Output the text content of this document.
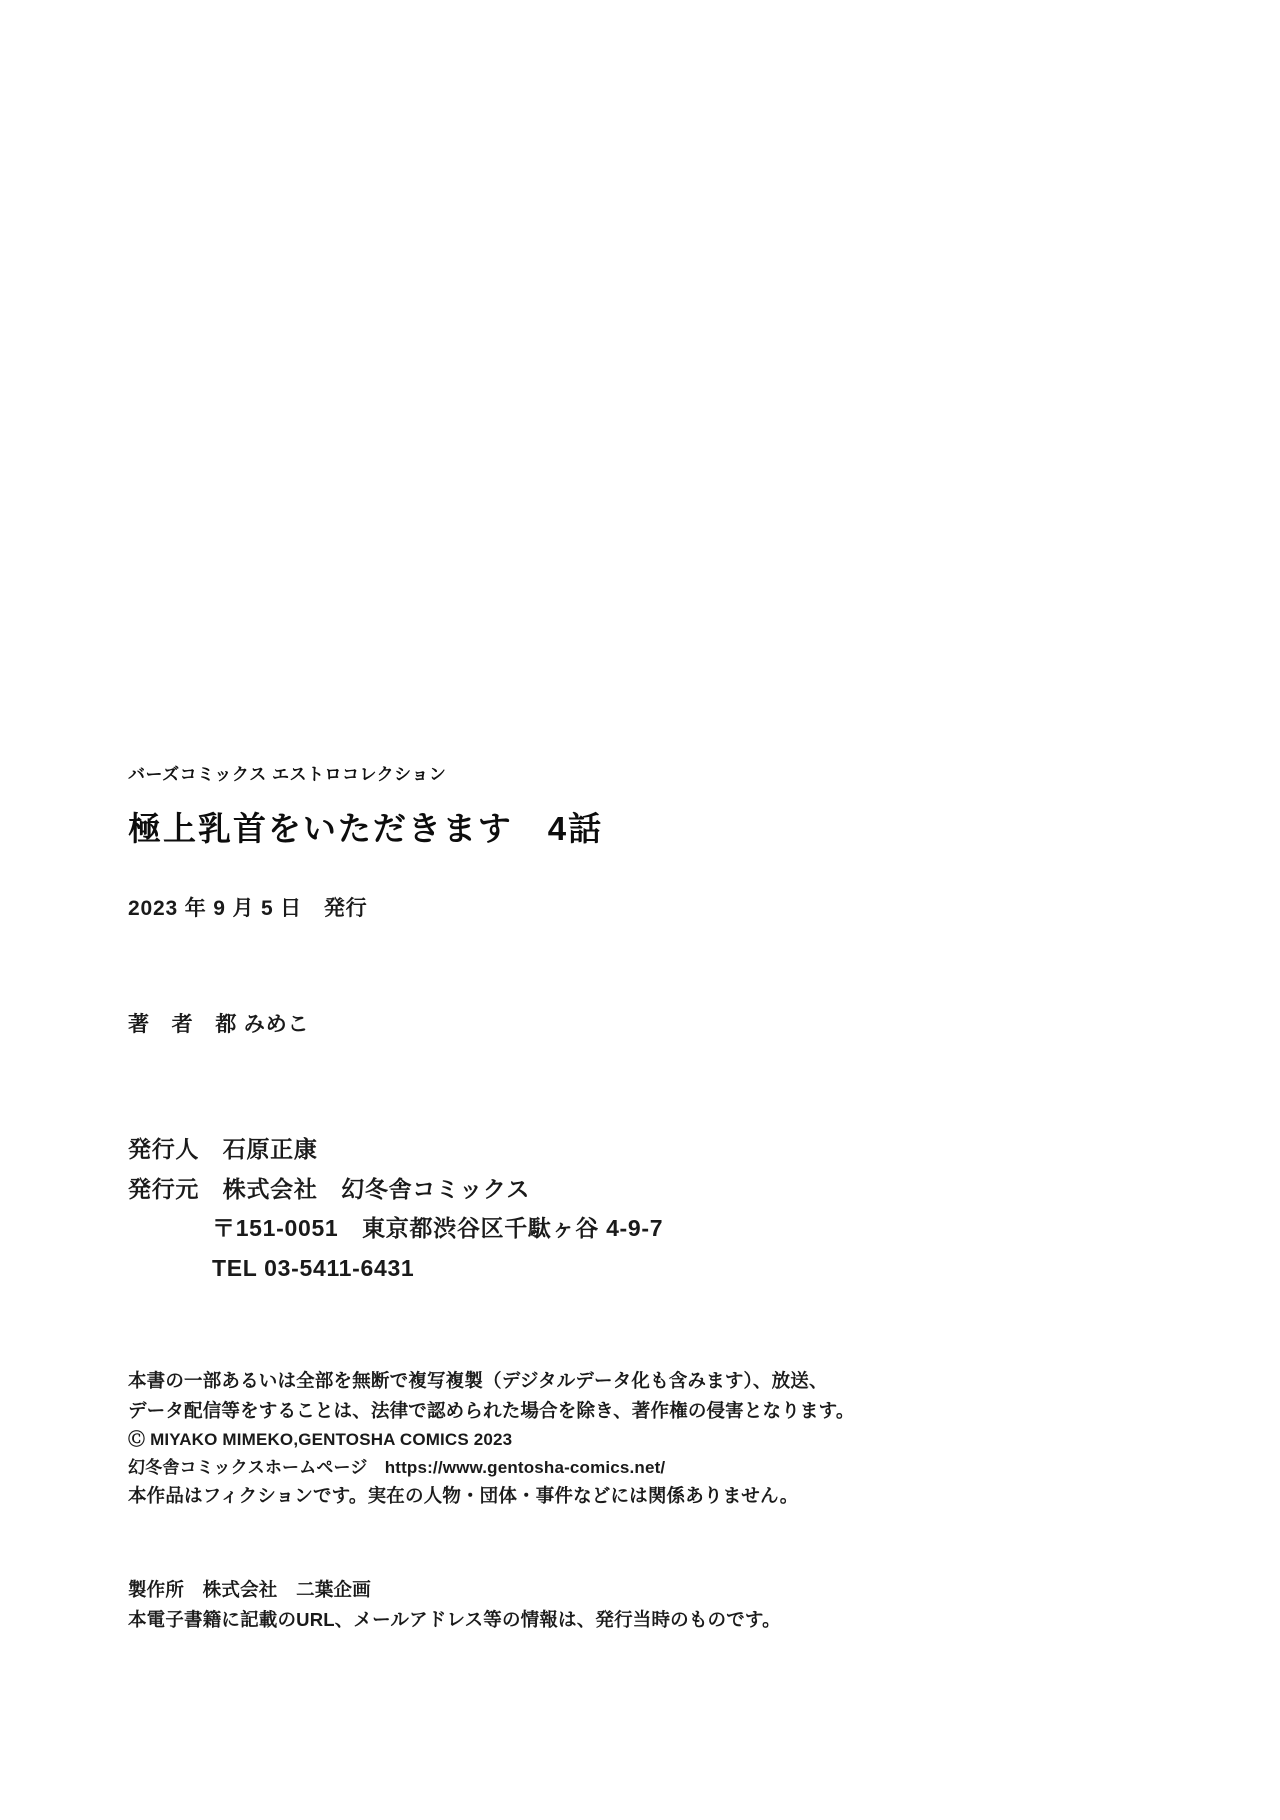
バーズコミックス エストロコレクション
極上乳首をいただきます　4話
2023 年 9 月 5 日　発行
著　者　都 みめこ
発行人　石原正康
発行元　株式会社　幻冬舎コミックス
〒151-0051　東京都渋谷区千駄ヶ谷 4-9-7
TEL 03-5411-6431
本書の一部あるいは全部を無断で複写複製（デジタルデータ化も含みます）、放送、
データ配信等をすることは、法律で認められた場合を除き、著作権の侵害となります。
Ⓒ MIYAKO MIMEKO,GENTOSHA COMICS 2023
幻冬舎コミックスホームページ　https://www.gentosha-comics.net/
本作品はフィクションです。実在の人物・団体・事件などには関係ありません。
製作所　株式会社　二葉企画
本電子書籍に記載のURL、メールアドレス等の情報は、発行当時のものです。
